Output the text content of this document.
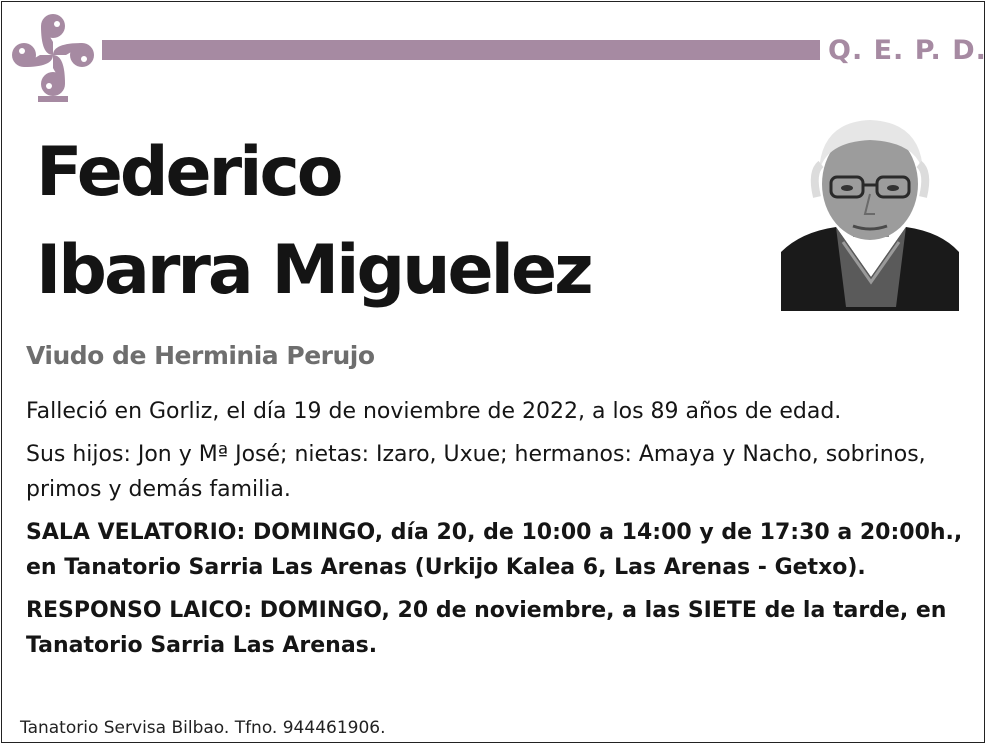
Q. E. P. D.
Federico
Ibarra Miguelez
Viudo de Herminia Perujo

Falleció en Gorliz, el día 19 de noviembre de 2022, a los 89 años de edad.

Sus hijos: Jon y Mª José; nietas: Izaro, Uxue; hermanos: Amaya y Nacho, sobrinos, primos y demás familia.

SALA VELATORIO: DOMINGO, día 20, de 10:00 a 14:00 y de 17:30 a 20:00h., en Tanatorio Sarria Las Arenas (Urkijo Kalea 6, Las Arenas - Getxo).

RESPONSO LAICO: DOMINGO, 20 de noviembre, a las SIETE de la tarde, en Tanatorio Sarria Las Arenas.

Tanatorio Servisa Bilbao. Tfno. 944461906.
